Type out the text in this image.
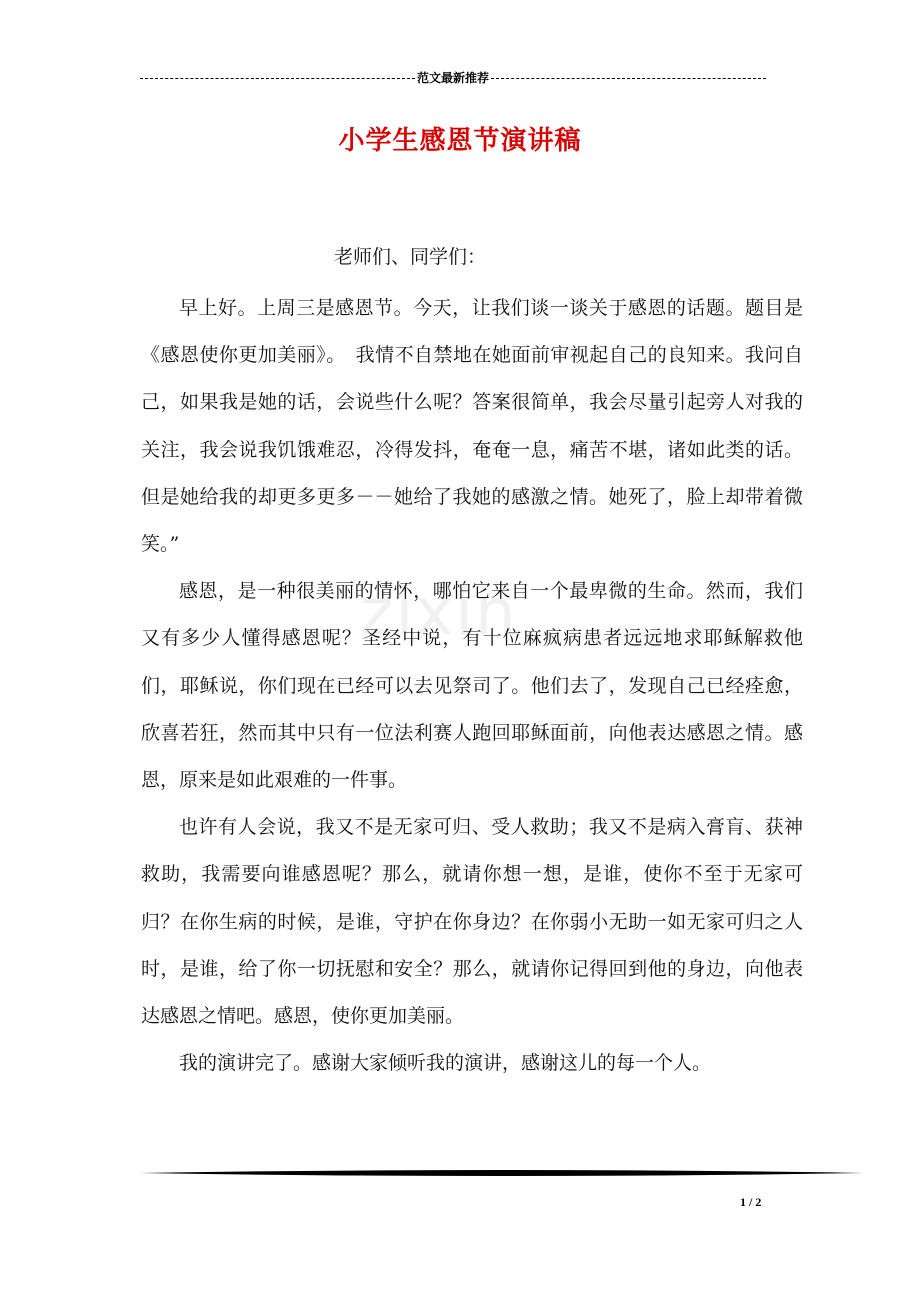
范文最新推荐
小学生感恩节演讲稿
zixin
老师们、同学们：

早上好。上周三是感恩节。今天，让我们谈一谈关于感恩的话题。题目是《感恩使你更加美丽》。　我情不自禁地在她面前审视起自己的良知来。我问自己，如果我是她的话，会说些什么呢？答案很简单，我会尽量引起旁人对我的关注，我会说我饥饿难忍，冷得发抖，奄奄一息，痛苦不堪，诸如此类的话。但是她给我的却更多更多－－她给了我她的感激之情。她死了，脸上却带着微笑。”

感恩，是一种很美丽的情怀，哪怕它来自一个最卑微的生命。然而，我们又有多少人懂得感恩呢？圣经中说，有十位麻疯病患者远远地求耶稣解救他们，耶稣说，你们现在已经可以去见祭司了。他们去了，发现自己已经痊愈，欣喜若狂，然而其中只有一位法利赛人跑回耶稣面前，向他表达感恩之情。感恩，原来是如此艰难的一件事。

也许有人会说，我又不是无家可归、受人救助；我又不是病入膏肓、获神救助，我需要向谁感恩呢？那么，就请你想一想，是谁，使你不至于无家可归？在你生病的时候，是谁，守护在你身边？在你弱小无助一如无家可归之人时，是谁，给了你一切抚慰和安全？那么，就请你记得回到他的身边，向他表达感恩之情吧。感恩，使你更加美丽。

我的演讲完了。感谢大家倾听我的演讲，感谢这儿的每一个人。

1 / 2
